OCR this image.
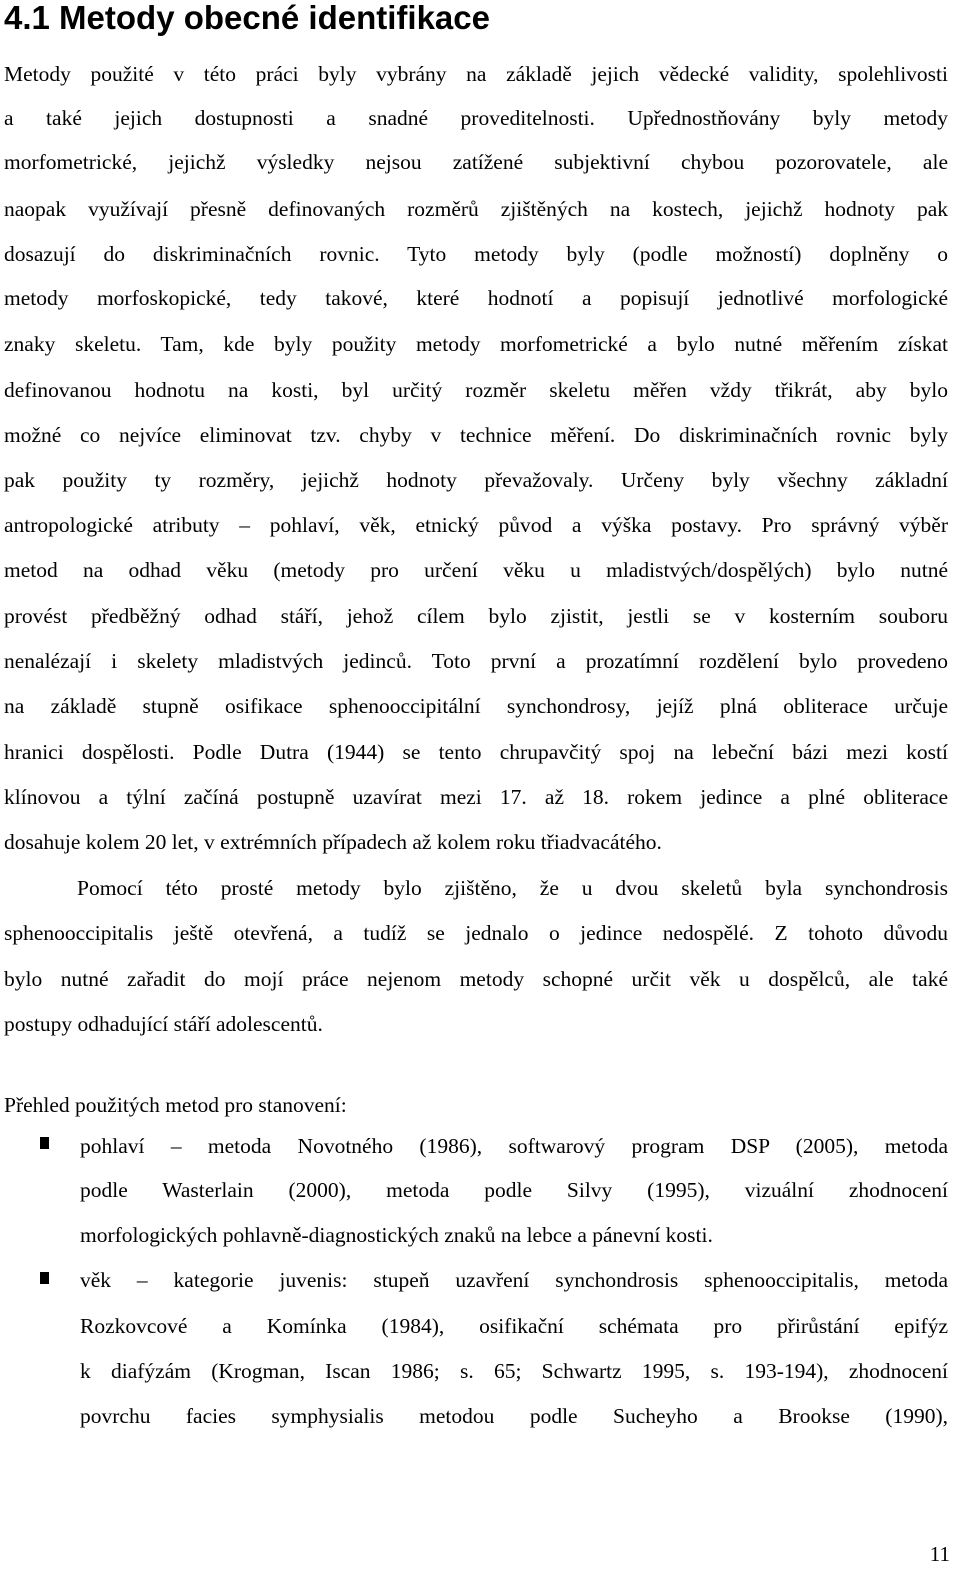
4.1 Metody obecné identifikace
Metody použité v této práci byly vybrány na základě jejich vědecké validity, spolehlivosti
a také jejich dostupnosti a snadné proveditelnosti. Upřednostňovány byly metody
morfometrické, jejichž výsledky nejsou zatížené subjektivní chybou pozorovatele, ale
naopak využívají přesně definovaných rozměrů zjištěných na kostech, jejichž hodnoty pak
dosazují do diskriminačních rovnic. Tyto metody byly (podle možností) doplněny o
metody morfoskopické, tedy takové, které hodnotí a popisují jednotlivé morfologické
znaky skeletu. Tam, kde byly použity metody morfometrické a bylo nutné měřením získat
definovanou hodnotu na kosti, byl určitý rozměr skeletu měřen vždy třikrát, aby bylo
možné co nejvíce eliminovat tzv. chyby v technice měření. Do diskriminačních rovnic byly
pak použity ty rozměry, jejichž hodnoty převažovaly. Určeny byly všechny základní
antropologické atributy – pohlaví, věk, etnický původ a výška postavy. Pro správný výběr
metod na odhad věku (metody pro určení věku u mladistvých/dospělých) bylo nutné
provést předběžný odhad stáří, jehož cílem bylo zjistit, jestli se v kosterním souboru
nenalézají i skelety mladistvých jedinců. Toto první a prozatímní rozdělení bylo provedeno
na základě stupně osifikace sphenooccipitální synchondrosy, jejíž plná obliterace určuje
hranici dospělosti. Podle Dutra (1944) se tento chrupavčitý spoj na lebeční bázi mezi kostí
klínovou a týlní začíná postupně uzavírat mezi 17. až 18. rokem jedince a plné obliterace
dosahuje kolem 20 let, v extrémních případech až kolem roku třiadvacátého.
Pomocí této prosté metody bylo zjištěno, že u dvou skeletů byla synchondrosis
sphenooccipitalis ještě otevřená, a tudíž se jednalo o jedince nedospělé. Z tohoto důvodu
bylo nutné zařadit do mojí práce nejenom metody schopné určit věk u dospělců, ale také
postupy odhadující stáří adolescentů.
Přehled použitých metod pro stanovení:
pohlaví – metoda Novotného (1986), softwarový program DSP (2005), metoda
podle Wasterlain (2000), metoda podle Silvy (1995), vizuální zhodnocení
morfologických pohlavně-diagnostických znaků na lebce a pánevní kosti.
věk – kategorie juvenis: stupeň uzavření synchondrosis sphenooccipitalis, metoda
Rozkovcové a Komínka (1984), osifikační schémata pro přirůstání epifýz
k diafýzám (Krogman, Iscan 1986; s. 65; Schwartz 1995, s. 193-194), zhodnocení
povrchu facies symphysialis metodou podle Sucheyho a Brookse (1990),
11
